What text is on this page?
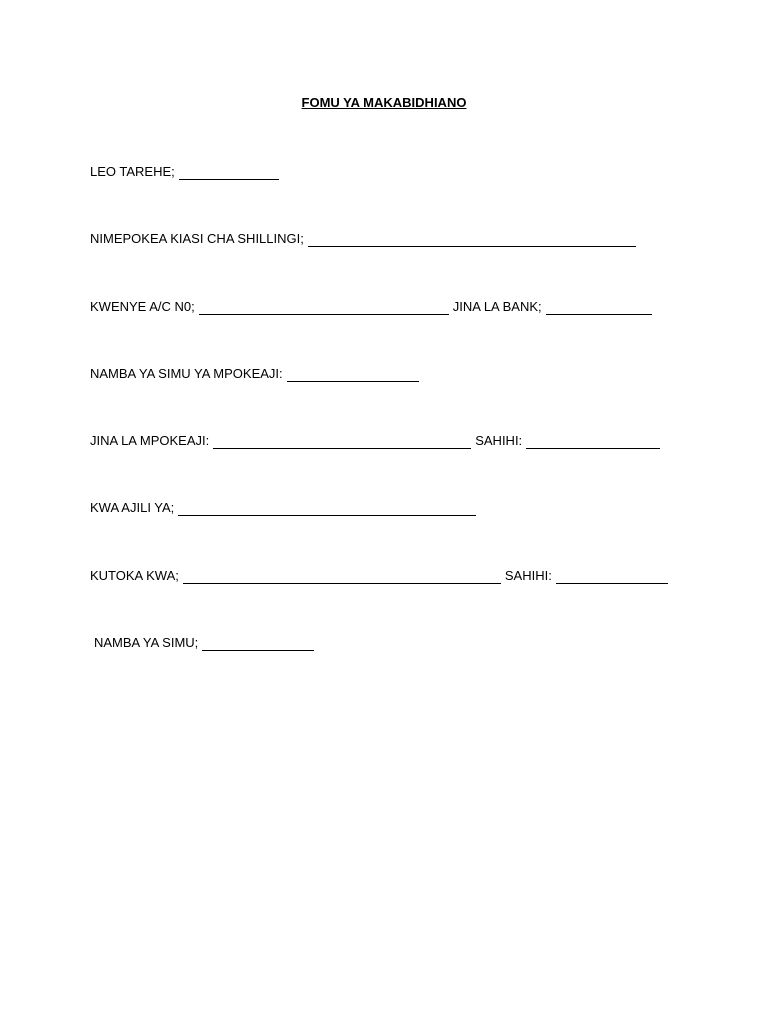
FOMU YA MAKABIDHIANO
LEO TAREHE;
NIMEPOKEA KIASI CHA SHILLINGI;
KWENYE A/C N0;	JINA LA BANK;
NAMBA YA SIMU YA MPOKEAJI:
JINA LA MPOKEAJI:	SAHIHI:
KWA AJILI YA;
KUTOKA KWA;	SAHIHI:
NAMBA YA SIMU;
